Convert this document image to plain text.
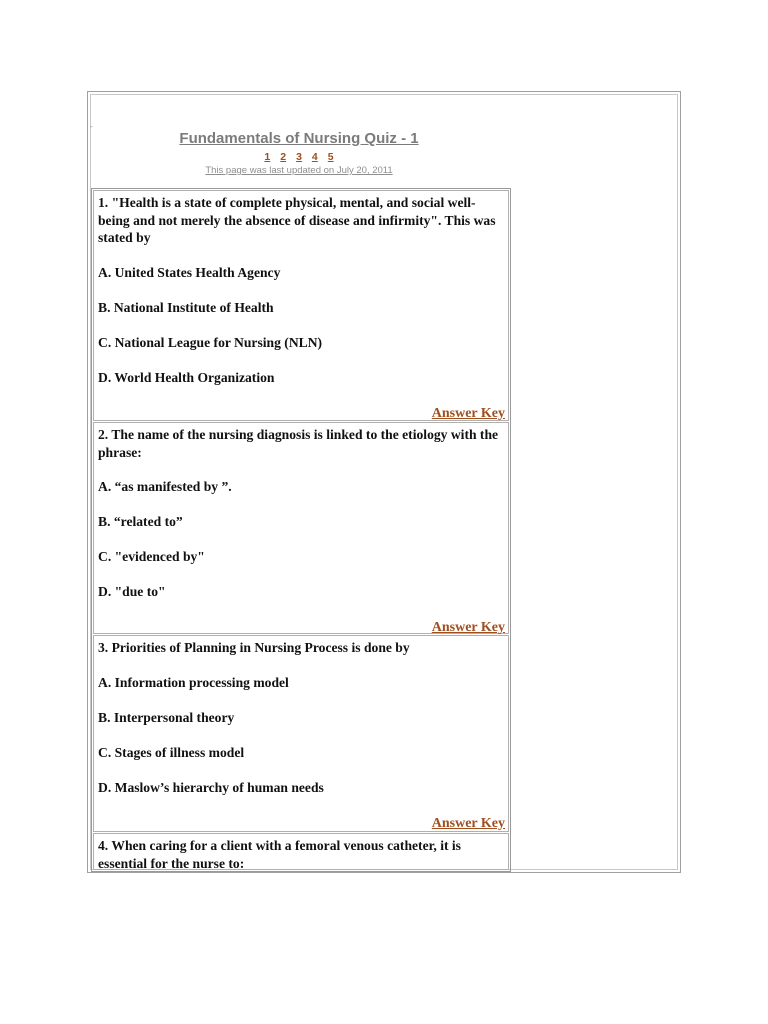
-
Fundamentals of Nursing Quiz - 1
1 2 3 4 5
This page was last updated on July 20, 2011
1. "Health is a state of complete physical, mental, and social well-being and not merely the absence of disease and infirmity". This was stated by
A. United States Health Agency
B. National Institute of Health
C. National League for Nursing (NLN)
D. World Health Organization
Answer Key
2. The name of the nursing diagnosis is linked to the etiology with the phrase:
A. “as manifested by ”.
B. “related to”
C. "evidenced by"
D. "due to"
Answer Key
3. Priorities of Planning in Nursing Process is done by
A. Information processing model
B. Interpersonal theory
C. Stages of illness model
D. Maslow’s hierarchy of human needs
Answer Key
4. When caring for a client with a femoral venous catheter, it is essential for the nurse to:
